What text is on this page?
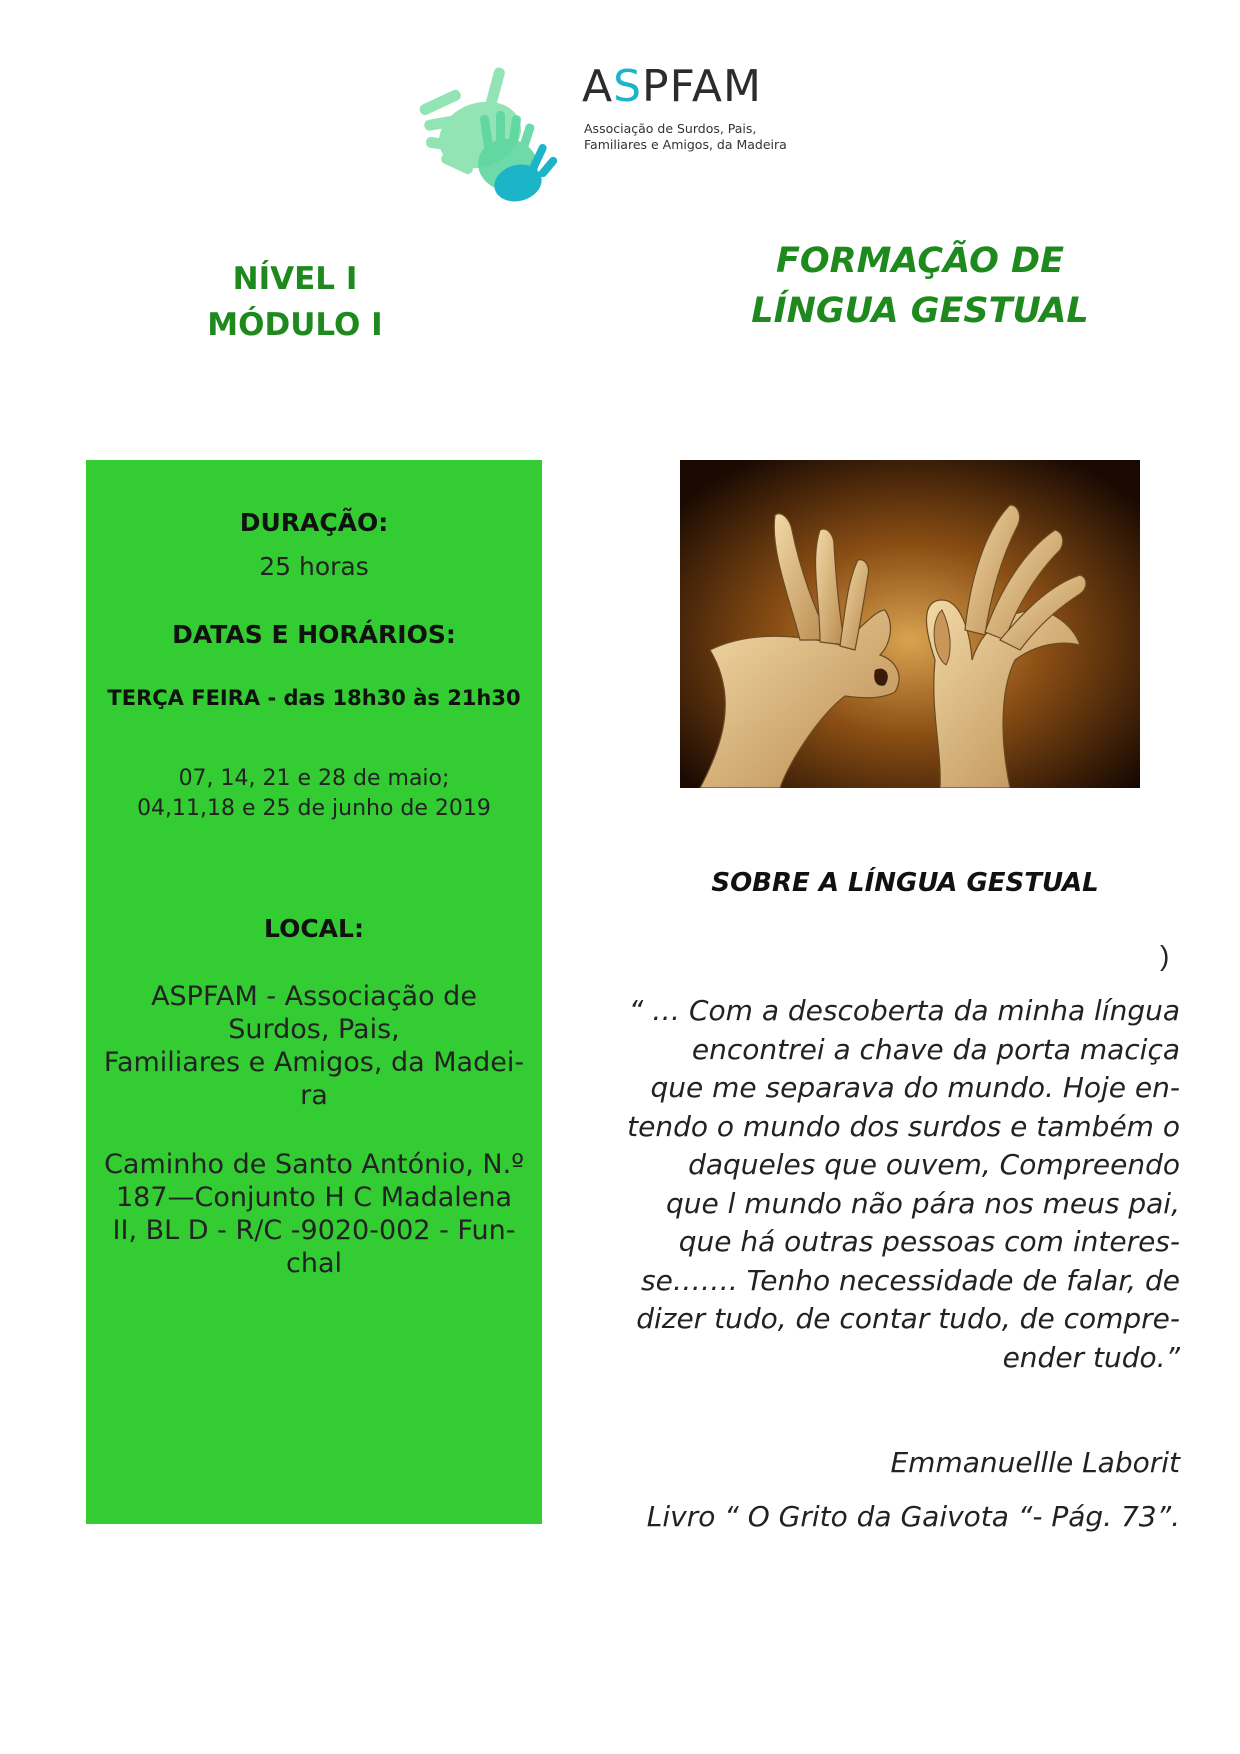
ASPFAM
Associação de Surdos, Pais,
Familiares e Amigos, da Madeira
NÍVEL I
MÓDULO I
FORMAÇÃO DE
LÍNGUA GESTUAL
DURAÇÃO:
25 horas
DATAS E HORÁRIOS:
TERÇA FEIRA - das 18h30 às 21h30
07, 14, 21 e 28 de maio;
04,11,18 e 25 de junho de 2019
LOCAL:
ASPFAM - Associação de
Surdos, Pais,
Familiares e Amigos, da Madei-
ra
Caminho de Santo António, N.º
187—Conjunto H C Madalena
II, BL D - R/C -9020-002 - Fun-
chal
SOBRE A LÍNGUA GESTUAL
)
“ … Com a descoberta da minha língua
encontrei a chave da porta maciça
que me separava do mundo. Hoje en-
tendo o mundo dos surdos e também o
daqueles que ouvem, Compreendo
que l mundo não pára nos meus pai,
que há outras pessoas com interes-
se……. Tenho necessidade de falar, de
dizer tudo, de contar tudo, de compre-
ender tudo.”
Emmanuellle Laborit
Livro “ O Grito da Gaivota “- Pág. 73”.
